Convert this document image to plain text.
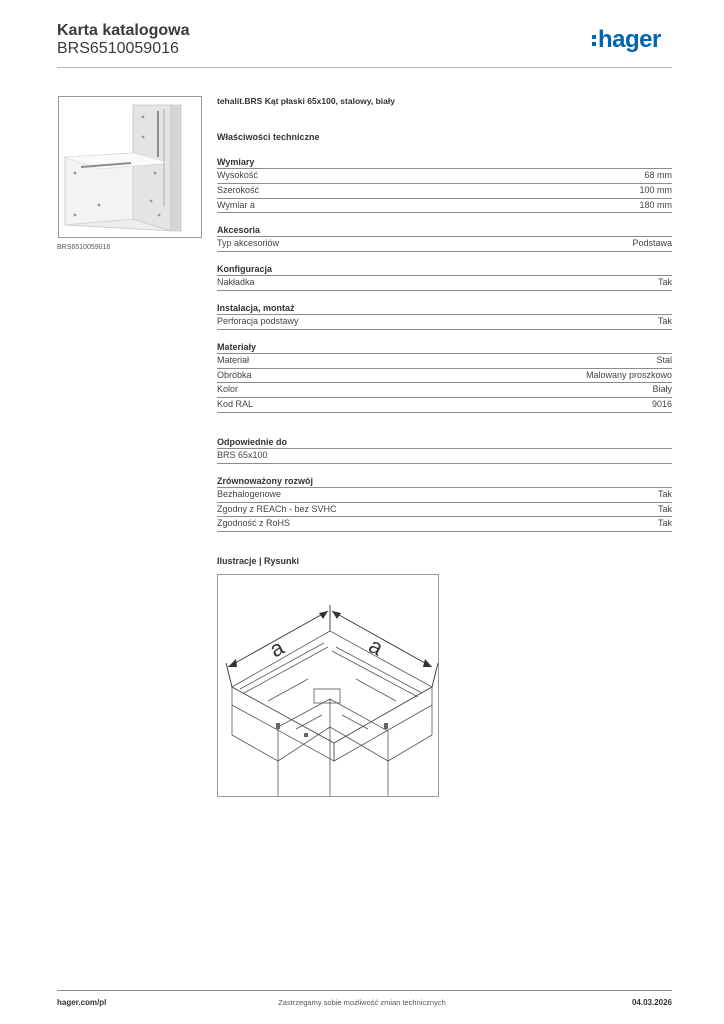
Karta katalogowa
BRS6510059016	hager
BRS6510059016
tehalit.BRS Kąt płaski 65x100, stalowy, biały
Właściwości techniczne
Wymiary
Wysokość	68 mm
Szerokość	100 mm
Wymiar a	180 mm
Akcesoria
Typ akcesoriów	Podstawa
Konfiguracja
Nakładka	Tak
Instalacja, montaż
Perforacja podstawy	Tak
Materiały
Materiał	Stal
Obróbka	Malowany proszkowo
Kolor	Biały
Kod RAL	9016
Odpowiednie do
BRS 65x100
Zrównoważony rozwój
Bezhalogenowe	Tak
Zgodny z REACh - bez SVHC	Tak
Zgodność z RoHS	Tak
Ilustracje | Rysunki
a	a
hager.com/pl	Zastrzegamy sobie możliwość zmian technicznych	04.03.2026
